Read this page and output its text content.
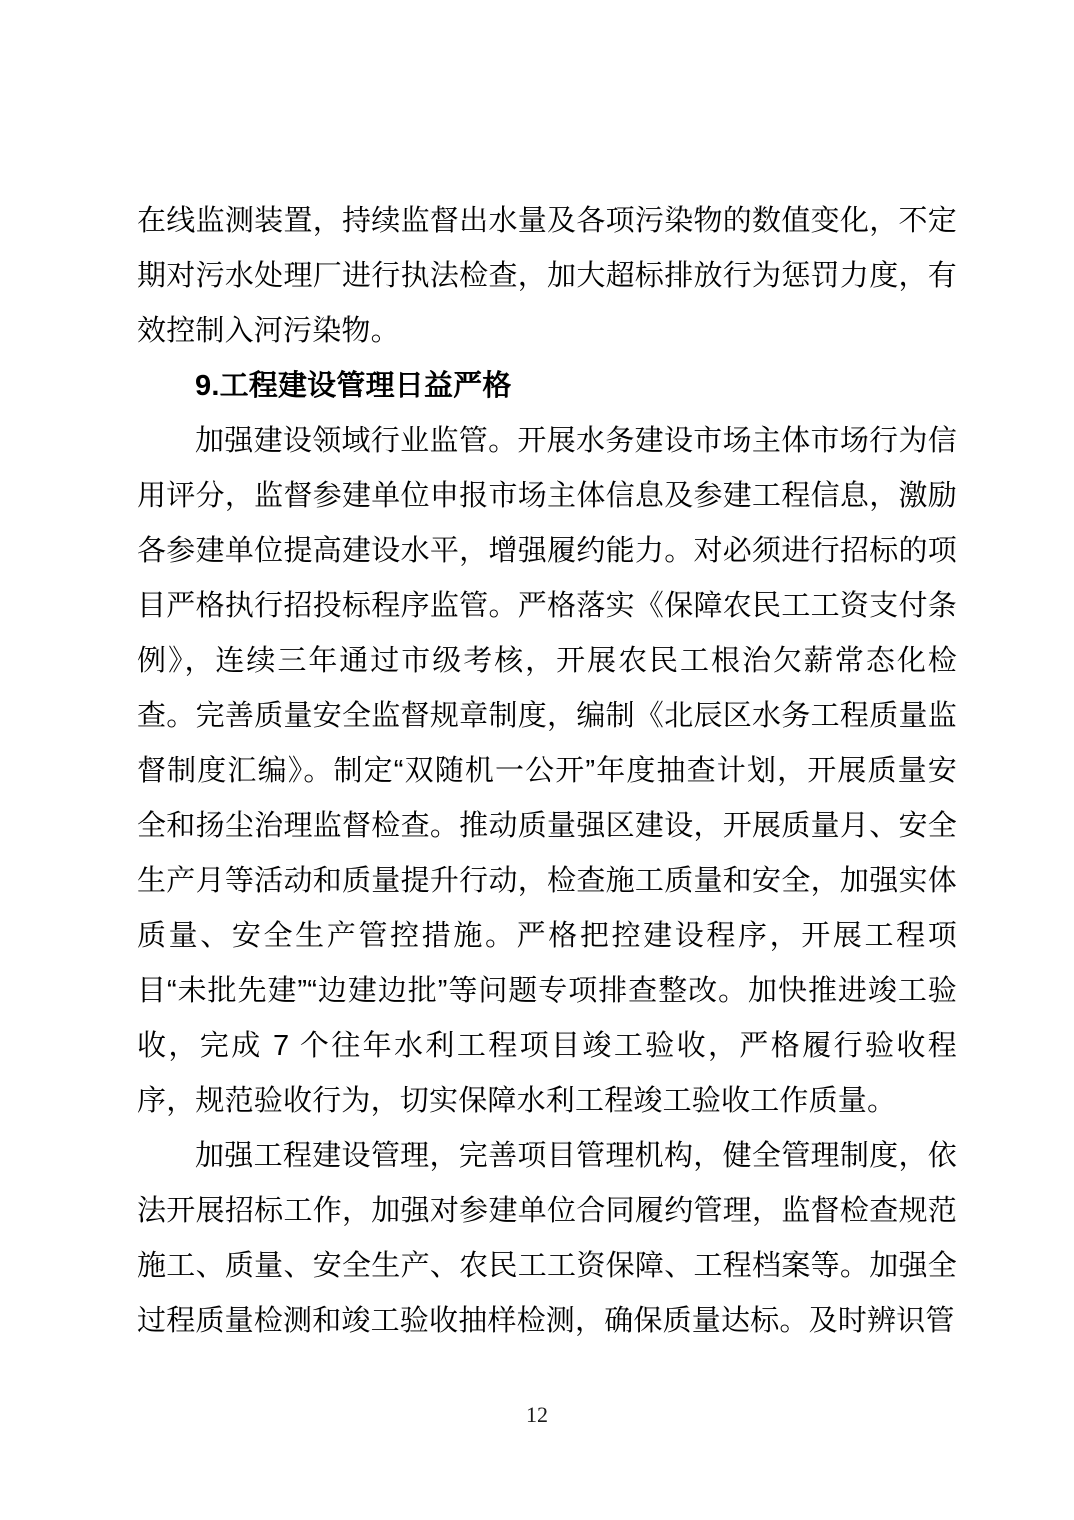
在线监测装置，持续监督出水量及各项污染物的数值变化，不定期对污水处理厂进行执法检查，加大超标排放行为惩罚力度，有效控制入河污染物。

9.工程建设管理日益严格

加强建设领域行业监管。开展水务建设市场主体市场行为信用评分，监督参建单位申报市场主体信息及参建工程信息，激励各参建单位提高建设水平，增强履约能力。对必须进行招标的项目严格执行招投标程序监管。严格落实《保障农民工工资支付条例》，连续三年通过市级考核，开展农民工根治欠薪常态化检查。完善质量安全监督规章制度，编制《北辰区水务工程质量监督制度汇编》。制定“双随机一公开”年度抽查计划，开展质量安全和扬尘治理监督检查。推动质量强区建设，开展质量月、安全生产月等活动和质量提升行动，检查施工质量和安全，加强实体质量、安全生产管控措施。严格把控建设程序，开展工程项目“未批先建”“边建边批”等问题专项排查整改。加快推进竣工验收，完成 7 个往年水利工程项目竣工验收，严格履行验收程序，规范验收行为，切实保障水利工程竣工验收工作质量。

加强工程建设管理，完善项目管理机构，健全管理制度，依法开展招标工作，加强对参建单位合同履约管理，监督检查规范施工、质量、安全生产、农民工工资保障、工程档案等。加强全过程质量检测和竣工验收抽样检测，确保质量达标。及时辨识管

12
